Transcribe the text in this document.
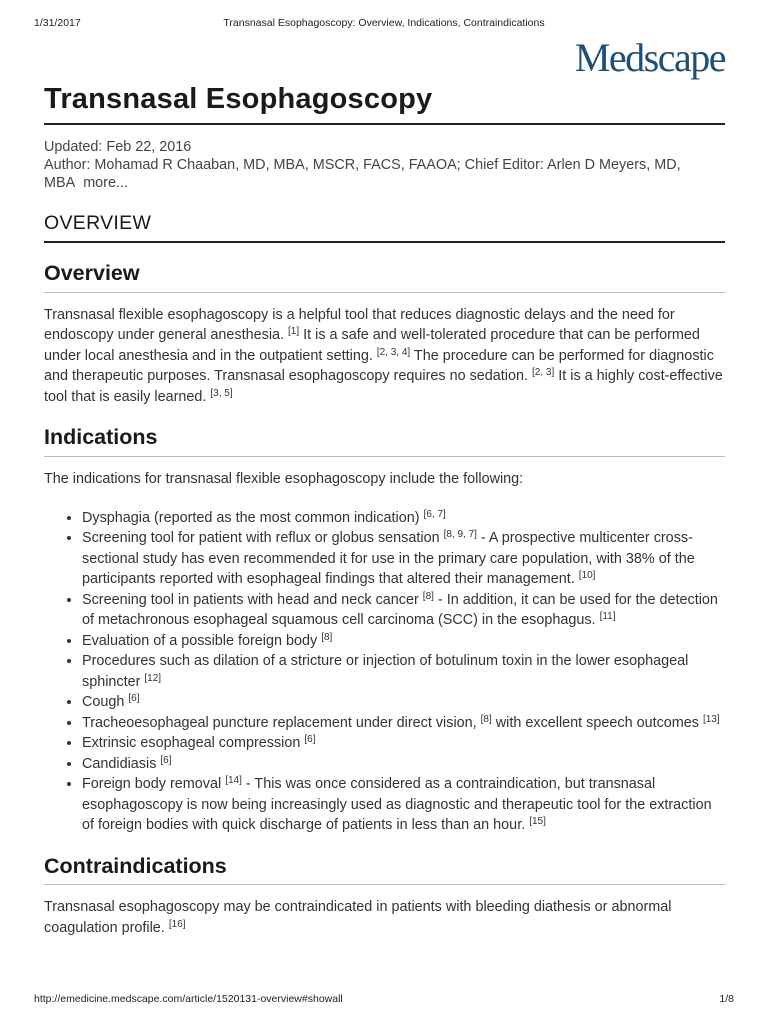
1/31/2017	Transnasal Esophagoscopy: Overview, Indications, Contraindications
Medscape
Transnasal Esophagoscopy
Updated: Feb 22, 2016
Author: Mohamad R Chaaban, MD, MBA, MSCR, FACS, FAAOA; Chief Editor: Arlen D Meyers, MD, MBA more...
OVERVIEW
Overview

Transnasal flexible esophagoscopy is a helpful tool that reduces diagnostic delays and the need for endoscopy under general anesthesia. [1] It is a safe and well-tolerated procedure that can be performed under local anesthesia and in the outpatient setting. [2, 3, 4] The procedure can be performed for diagnostic and therapeutic purposes. Transnasal esophagoscopy requires no sedation. [2, 3] It is a highly cost-effective tool that is easily learned. [3, 5]

Indications

The indications for transnasal flexible esophagoscopy include the following:

• Dysphagia (reported as the most common indication) [6, 7]
• Screening tool for patient with reflux or globus sensation [8, 9, 7] - A prospective multicenter cross-sectional study has even recommended it for use in the primary care population, with 38% of the participants reported with esophageal findings that altered their management. [10]
• Screening tool in patients with head and neck cancer [8] - In addition, it can be used for the detection of metachronous esophageal squamous cell carcinoma (SCC) in the esophagus. [11]
• Evaluation of a possible foreign body [8]
• Procedures such as dilation of a stricture or injection of botulinum toxin in the lower esophageal sphincter [12]
• Cough [6]
• Tracheoesophageal puncture replacement under direct vision, [8] with excellent speech outcomes [13]
• Extrinsic esophageal compression [6]
• Candidiasis [6]
• Foreign body removal [14] - This was once considered as a contraindication, but transnasal esophagoscopy is now being increasingly used as diagnostic and therapeutic tool for the extraction of foreign bodies with quick discharge of patients in less than an hour. [15]
Contraindications

Transnasal esophagoscopy may be contraindicated in patients with bleeding diathesis or abnormal coagulation profile. [16]

http://emedicine.medscape.com/article/1520131-overview#showall	1/8
